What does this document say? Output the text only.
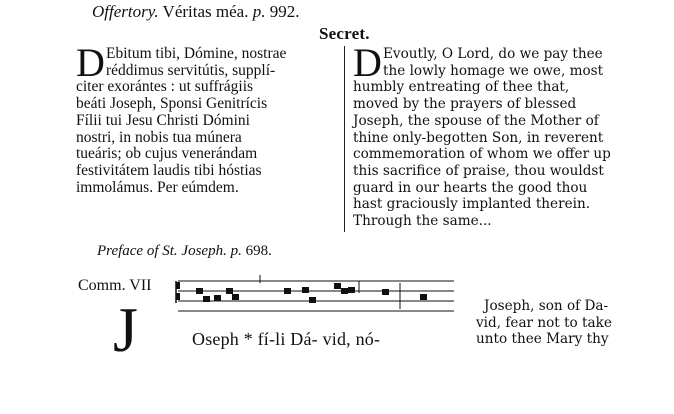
Offertory. Véritas méa. p. 992.
Secret.
D Ebitum tibi, Dómine, nostrae
réddimus servitútis, supplí-
citer exorántes : ut suffrágiis
beáti Joseph, Sponsi Genitrícis
Fílii tui Jesu Christi Dómini
nostri, in nobis tua múnera
tueáris; ob cujus venerándam
festivitátem laudis tibi hóstias
immolámus. Per eúmdem.
D Evoutly, O Lord, do we pay thee
the lowly homage we owe, most
humbly entreating of thee that,
moved by the prayers of blessed
Joseph, the spouse of the Mother of
thine only-begotten Son, in reverent
commemoration of whom we offer up
this sacrifice of praise, thou wouldst
guard in our hearts the good thou
hast graciously implanted therein.
Through the same...
Preface of St. Joseph. p. 698.
Comm. VII
J	Oseph * fí-li Dá- vid, nó-
Joseph, son of Da-
vid, fear not to take
unto thee Mary thy
